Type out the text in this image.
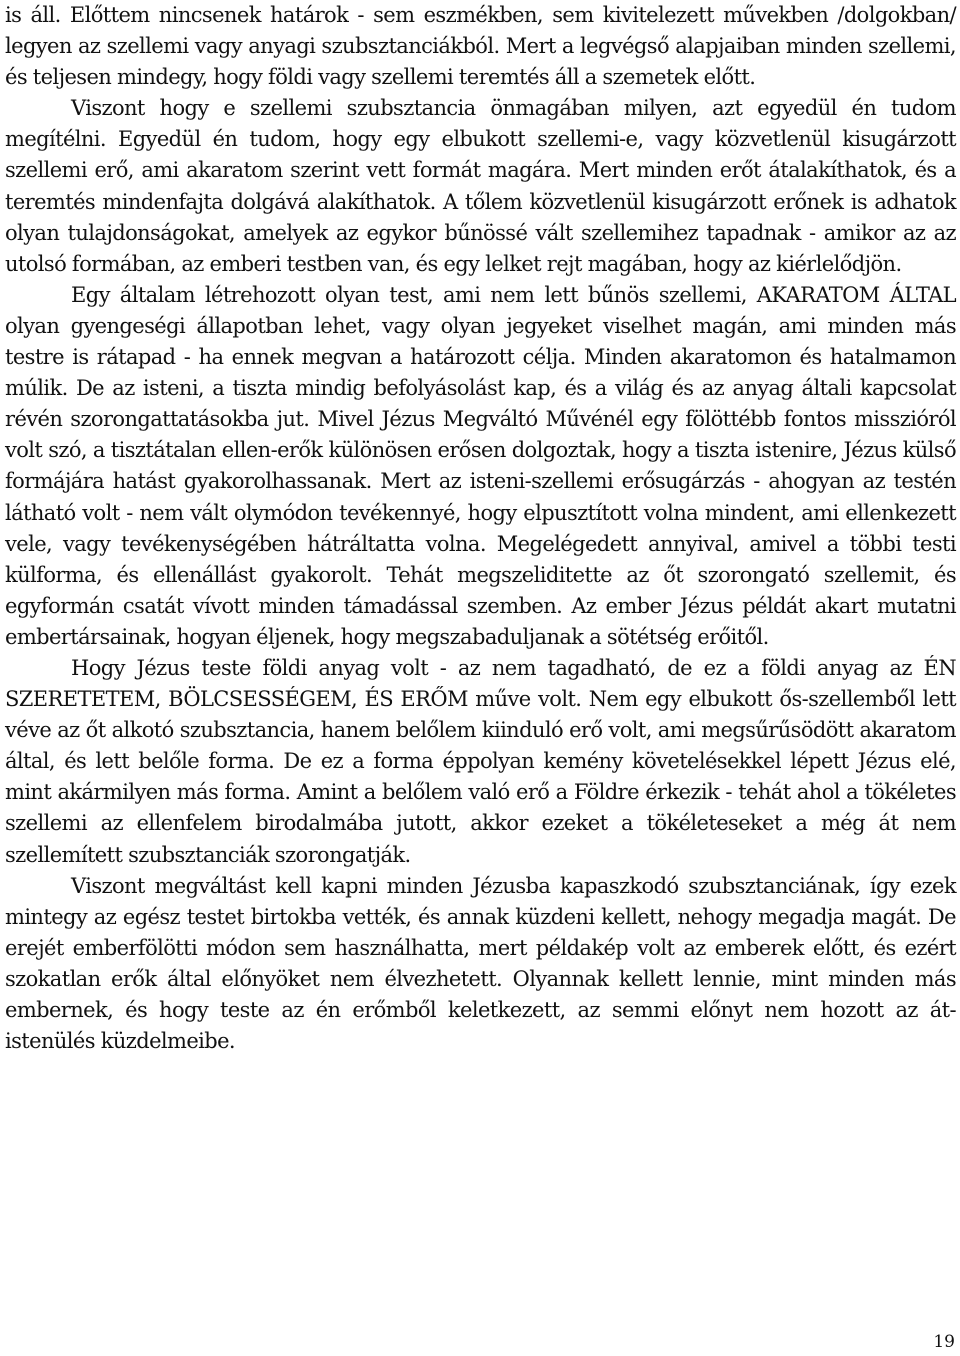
is áll. Előttem nincsenek határok - sem eszmékben, sem kivitelezett művekben /dolgokban/ legyen az szellemi vagy anyagi szubsztanciákból. Mert a legvégső alapjaiban minden szellemi, és teljesen mindegy, hogy földi vagy szellemi teremtés áll a szemetek előtt.

Viszont hogy e szellemi szubsztancia önmagában milyen, azt egyedül én tudom megítélni. Egyedül én tudom, hogy egy elbukott szellemi-e, vagy közvetlenül kisugárzott szellemi erő, ami akaratom szerint vett formát magára. Mert minden erőt átalakíthatok, és a teremtés mindenfajta dolgává alakíthatok. A tőlem közvetlenül kisugárzott erőnek is adhatok olyan tulajdonságokat, amelyek az egykor bűnössé vált szellemihez tapadnak - amikor az az utolsó formában, az emberi testben van, és egy lelket rejt magában, hogy az kiérlelődjön.

Egy általam létrehozott olyan test, ami nem lett bűnös szellemi, AKARATOM ÁLTAL olyan gyengeségi állapotban lehet, vagy olyan jegyeket viselhet magán, ami minden más testre is rátapad - ha ennek megvan a határozott célja. Minden akaratomon és hatalmamon múlik. De az isteni, a tiszta mindig befolyásolást kap, és a világ és az anyag általi kapcsolat révén szorongattatásokba jut. Mivel Jézus Megváltó Művénél egy fölöttébb fontos misszióról volt szó, a tisztátalan ellen-erők különösen erősen dolgoztak, hogy a tiszta istenire, Jézus külső formájára hatást gyakorolhassanak. Mert az isteni-szellemi erősugárzás - ahogyan az testén látható volt - nem vált olymódon tevékennyé, hogy elpusztított volna mindent, ami ellenkezett vele, vagy tevékenységében hátráltatta volna. Megelégedett annyival, amivel a többi testi külforma, és ellenállást gyakorolt. Tehát megszeliditette az őt szorongató szellemit, és egyformán csatát vívott minden támadással szemben. Az ember Jézus példát akart mutatni embertársainak, hogyan éljenek, hogy megszabaduljanak a sötétség erőitől.

Hogy Jézus teste földi anyag volt - az nem tagadható, de ez a földi anyag az ÉN SZERETETEM, BÖLCSESSÉGEM, ÉS ERŐM műve volt. Nem egy elbukott ős-szellemből lett véve az őt alkotó szubsztancia, hanem belőlem kiinduló erő volt, ami megsűrűsödött akaratom által, és lett belőle forma. De ez a forma éppolyan kemény követelésekkel lépett Jézus elé, mint akármilyen más forma. Amint a belőlem való erő a Földre érkezik - tehát ahol a tökéletes szellemi az ellenfelem birodalmába jutott, akkor ezeket a tökéleteseket a még át nem szellemített szubsztanciák szorongatják.

Viszont megváltást kell kapni minden Jézusba kapaszkodó szubsztanciának, így ezek mintegy az egész testet birtokba vették, és annak küzdeni kellett, nehogy megadja magát. De erejét emberfölötti módon sem használhatta, mert példakép volt az emberek előtt, és ezért szokatlan erők által előnyöket nem élvezhetett. Olyannak kellett lennie, mint minden más embernek, és hogy teste az én erőmből keletkezett, az semmi előnyt nem hozott az át-istenülés küzdelmeibe.

19
